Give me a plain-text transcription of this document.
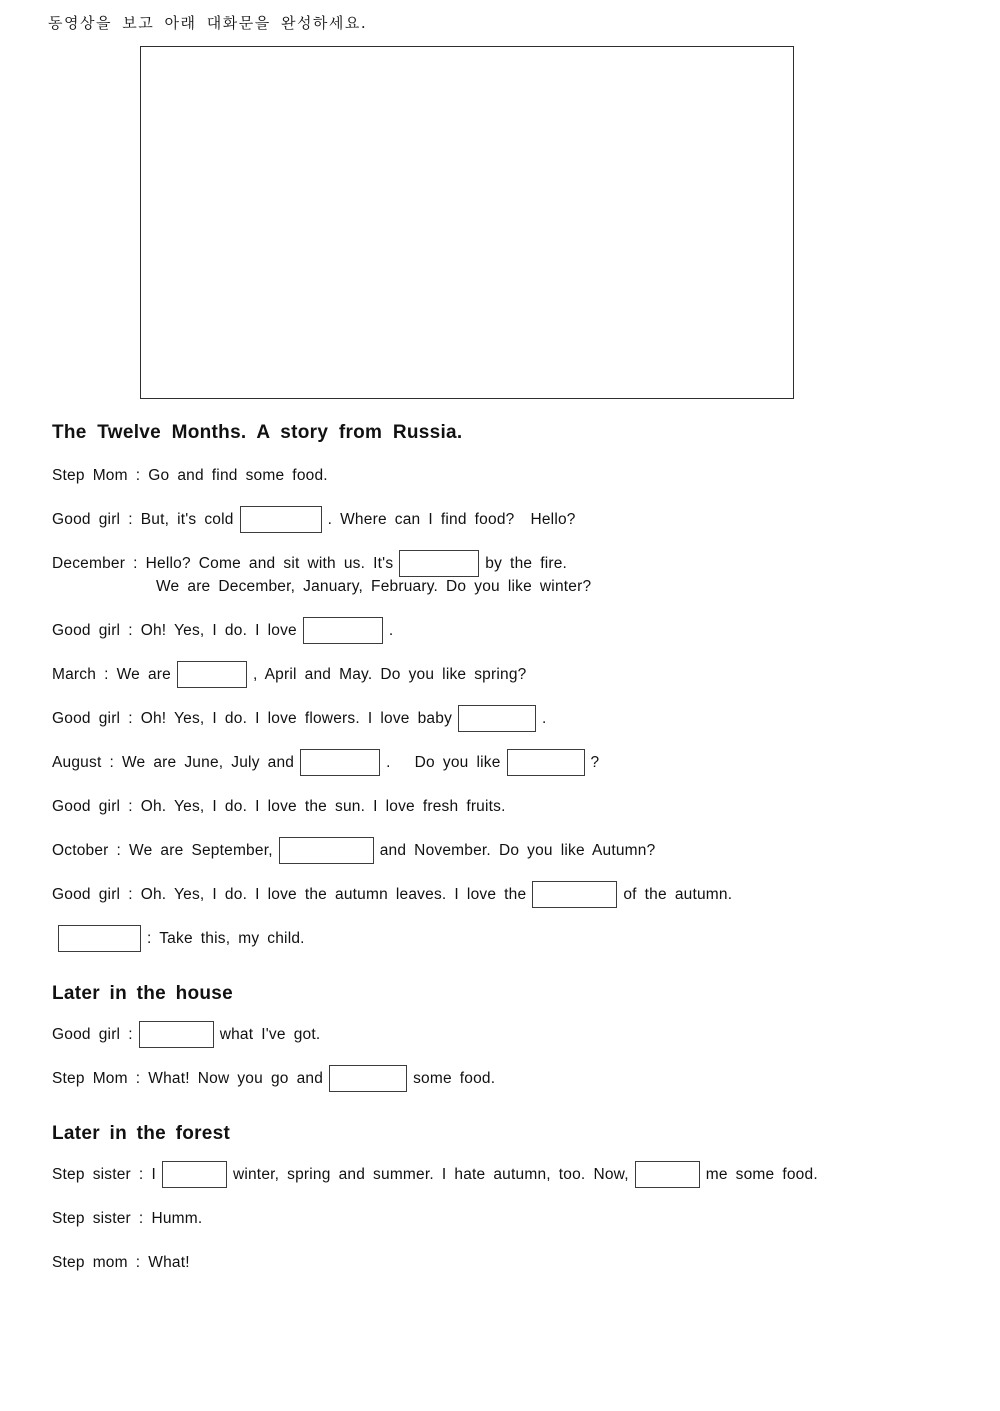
동영상을 보고 아래 대화문을 완성하세요.
The Twelve Months. A story from Russia.
Step Mom : Go and find some food.
Good girl : But, it's cold	. Where can I find food?  Hello?
December : Hello? Come and sit with us. It's	by the fire.
We are December, January, February. Do you like winter?
Good girl : Oh! Yes, I do. I love	.
March : We are	, April and May. Do you like spring?
Good girl : Oh! Yes, I do. I love flowers. I love baby	.
August : We are June, July and	.   Do you like	?
Good girl : Oh. Yes, I do. I love the sun. I love fresh fruits.
October : We are September,	and November. Do you like Autumn?
Good girl : Oh. Yes, I do. I love the autumn leaves. I love the	of the autumn.
: Take this, my child.
Later in the house
Good girl :	what I've got.
Step Mom : What! Now you go and	some food.
Later in the forest
Step sister : I	winter, spring and summer. I hate autumn, too. Now,	me some food.
Step sister : Humm.
Step mom : What!
